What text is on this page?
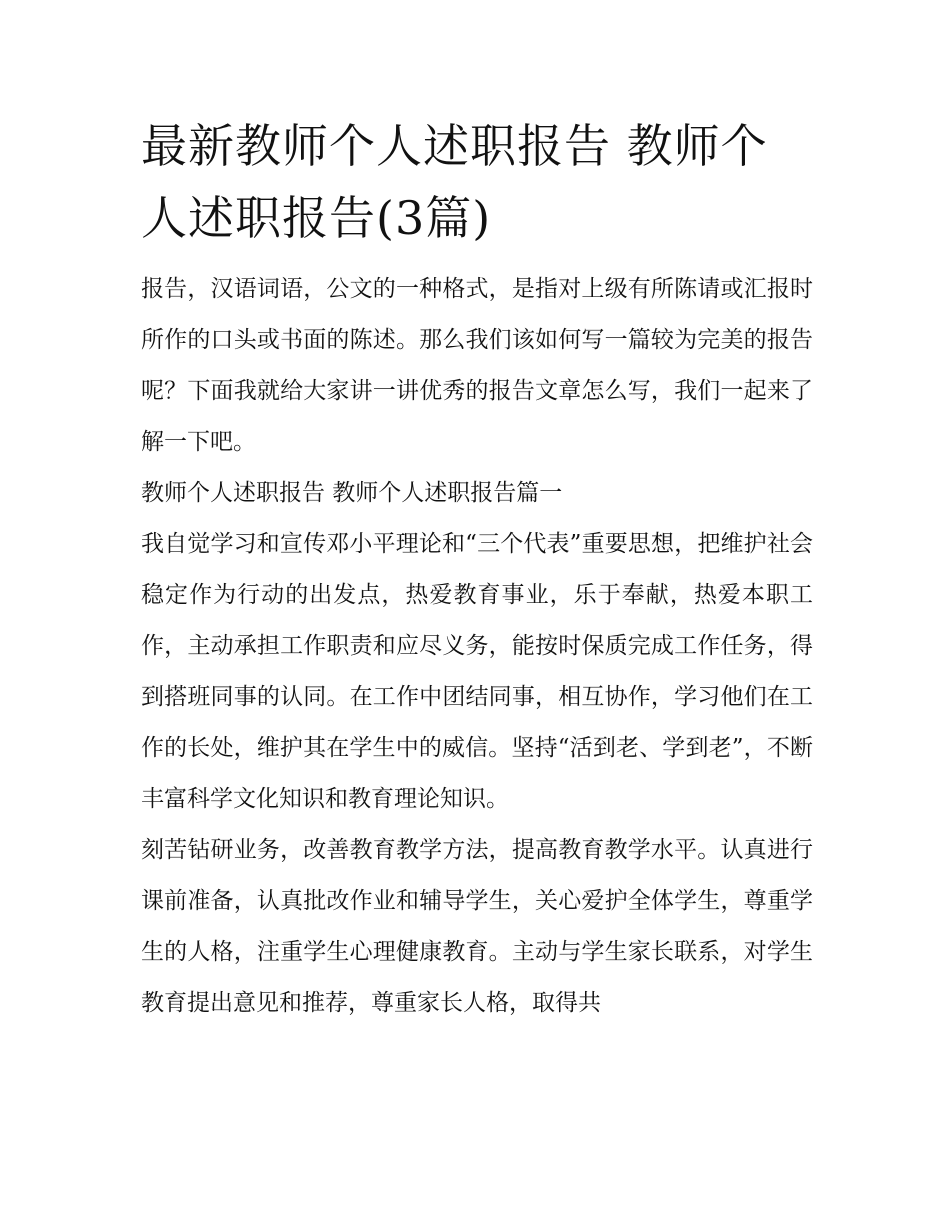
最新教师个人述职报告 教师个人述职报告(3篇)

报告，汉语词语，公文的一种格式，是指对上级有所陈请或汇报时所作的口头或书面的陈述。那么我们该如何写一篇较为完美的报告呢？下面我就给大家讲一讲优秀的报告文章怎么写，我们一起来了解一下吧。

教师个人述职报告 教师个人述职报告篇一

我自觉学习和宣传邓小平理论和“三个代表”重要思想，把维护社会稳定作为行动的出发点，热爱教育事业，乐于奉献，热爱本职工作，主动承担工作职责和应尽义务，能按时保质完成工作任务，得到搭班同事的认同。在工作中团结同事，相互协作，学习他们在工作的长处，维护其在学生中的威信。坚持“活到老、学到老”，不断丰富科学文化知识和教育理论知识。

刻苦钻研业务，改善教育教学方法，提高教育教学水平。认真进行课前准备，认真批改作业和辅导学生，关心爱护全体学生，尊重学生的人格，注重学生心理健康教育。主动与学生家长联系，对学生教育提出意见和推荐，尊重家长人格，取得共
